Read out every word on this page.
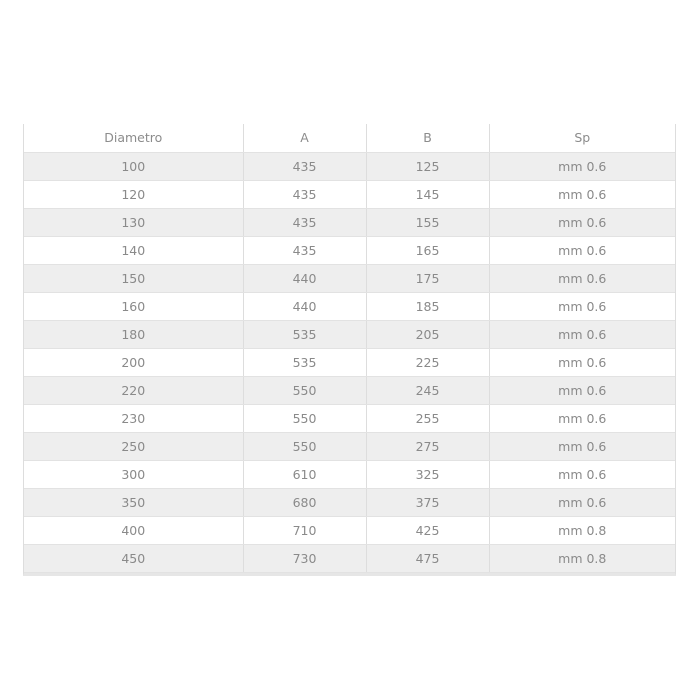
Diametro	A	B	Sp
100	435	125	mm 0.6
120	435	145	mm 0.6
130	435	155	mm 0.6
140	435	165	mm 0.6
150	440	175	mm 0.6
160	440	185	mm 0.6
180	535	205	mm 0.6
200	535	225	mm 0.6
220	550	245	mm 0.6
230	550	255	mm 0.6
250	550	275	mm 0.6
300	610	325	mm 0.6
350	680	375	mm 0.6
400	710	425	mm 0.8
450	730	475	mm 0.8
